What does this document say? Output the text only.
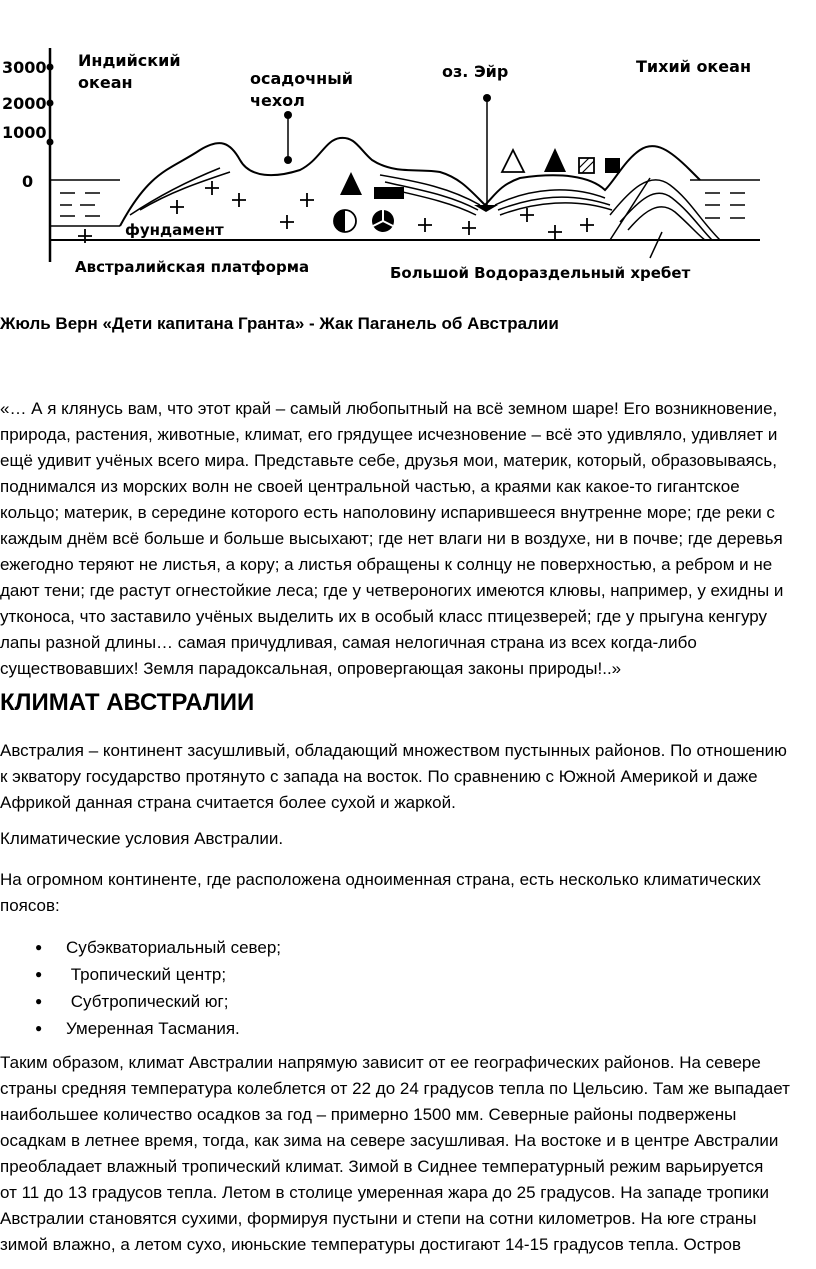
3000
2000
1000
0
Индийский
океан	осадочный
чехол
оз. Эйр	Тихий океан
фундамент
Австралийская платформа	Большой Водораздельный хребет

Жюль Верн «Дети капитана Гранта» - Жак Паганель об Австралии

«… А я клянусь вам, что этот край – самый любопытный на всё земном шаре! Его возникновение,
природа, растения, животные, климат, его грядущее исчезновение – всё это удивляло, удивляет и
ещё удивит учёных всего мира. Представьте себе, друзья мои, материк, который, образовываясь,
поднимался из морских волн не своей центральной частью, а краями как какое-то гигантское
кольцо; материк, в середине которого есть наполовину испарившееся внутренне море; где реки с
каждым днём всё больше и больше высыхают; где нет влаги ни в воздухе, ни в почве; где деревья
ежегодно теряют не листья, а кору; а листья обращены к солнцу не поверхностью, а ребром и не
дают тени; где растут огнестойкие леса; где у четвероногих имеются клювы, например, у ехидны и
утконоса, что заставило учёных выделить их в особый класс птицезверей; где у прыгуна кенгуру
лапы разной длины… самая причудливая, самая нелогичная страна из всех когда-либо
существовавших! Земля парадоксальная, опровергающая законы природы!..»

КЛИМАТ АВСТРАЛИИ

Австралия – континент засушливый, обладающий множеством пустынных районов. По отношению
к экватору государство протянуто с запада на восток. По сравнению с Южной Америкой и даже
Африкой данная страна считается более сухой и жаркой.

Климатические условия Австралии.

На огромном континенте, где расположена одноименная страна, есть несколько климатических
поясов:

● Субэкваториальный север;
●  Тропический центр;
●  Субтропический юг;
● Умеренная Тасмания.

Таким образом, климат Австралии напрямую зависит от ее географических районов. На севере
страны средняя температура колеблется от 22 до 24 градусов тепла по Цельсию. Там же выпадает
наибольшее количество осадков за год – примерно 1500 мм. Северные районы подвержены
осадкам в летнее время, тогда, как зима на севере засушливая. На востоке и в центре Австралии
преобладает влажный тропический климат. Зимой в Сиднее температурный режим варьируется
от 11 до 13 градусов тепла. Летом в столице умеренная жара до 25 градусов. На западе тропики
Австралии становятся сухими, формируя пустыни и степи на сотни километров. На юге страны
зимой влажно, а летом сухо, июньские температуры достигают 14-15 градусов тепла. Остров
